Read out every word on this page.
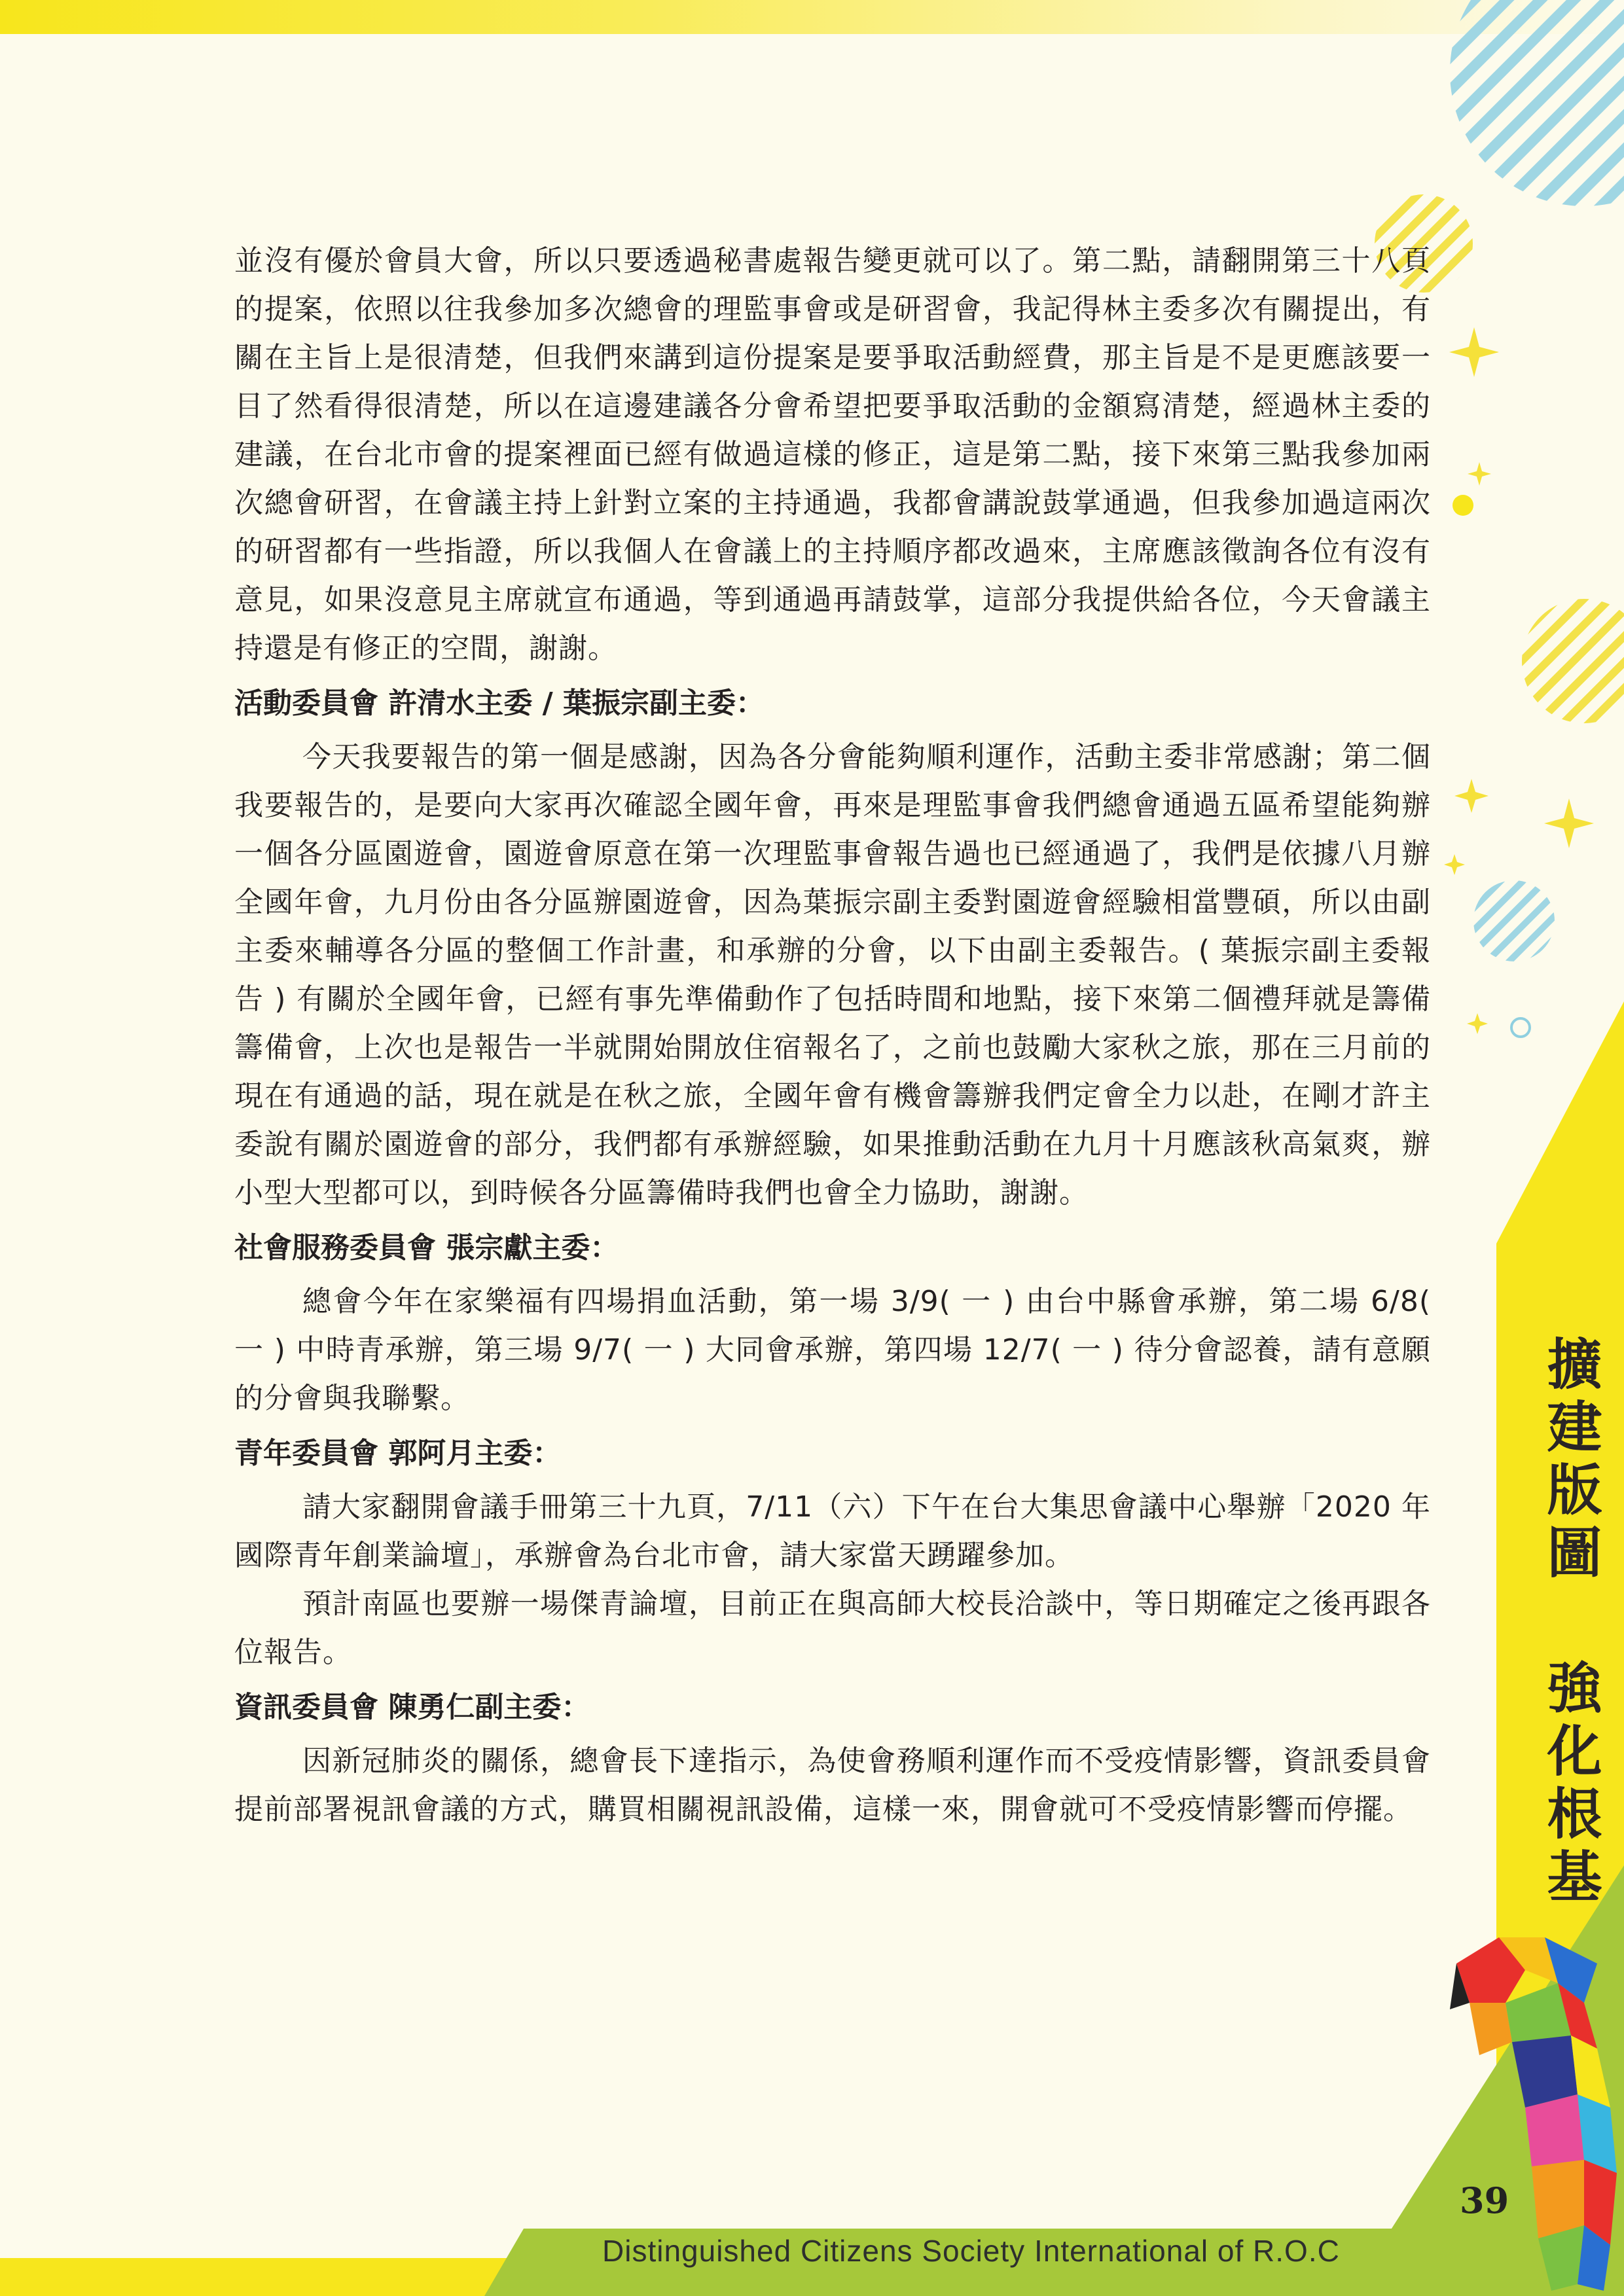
並沒有優於會員大會，所以只要透過秘書處報告變更就可以了。第二點，請翻開第三十八頁的提案，依照以往我參加多次總會的理監事會或是研習會，我記得林主委多次有關提出，有關在主旨上是很清楚，但我們來講到這份提案是要爭取活動經費，那主旨是不是更應該要一目了然看得很清楚，所以在這邊建議各分會希望把要爭取活動的金額寫清楚，經過林主委的建議，在台北市會的提案裡面已經有做過這樣的修正，這是第二點，接下來第三點我參加兩次總會研習，在會議主持上針對立案的主持通過，我都會講說鼓掌通過，但我參加過這兩次的研習都有一些指證，所以我個人在會議上的主持順序都改過來，主席應該徵詢各位有沒有意見，如果沒意見主席就宣布通過，等到通過再請鼓掌，這部分我提供給各位，今天會議主持還是有修正的空間，謝謝。

活動委員會 許清水主委 / 葉振宗副主委：

今天我要報告的第一個是感謝，因為各分會能夠順利運作，活動主委非常感謝；第二個我要報告的，是要向大家再次確認全國年會，再來是理監事會我們總會通過五區希望能夠辦一個各分區園遊會，園遊會原意在第一次理監事會報告過也已經通過了，我們是依據八月辦全國年會，九月份由各分區辦園遊會，因為葉振宗副主委對園遊會經驗相當豐碩，所以由副主委來輔導各分區的整個工作計畫，和承辦的分會，以下由副主委報告。( 葉振宗副主委報告 ) 有關於全國年會，已經有事先準備動作了包括時間和地點，接下來第二個禮拜就是籌備籌備會，上次也是報告一半就開始開放住宿報名了，之前也鼓勵大家秋之旅，那在三月前的現在有通過的話，現在就是在秋之旅，全國年會有機會籌辦我們定會全力以赴，在剛才許主委說有關於園遊會的部分，我們都有承辦經驗，如果推動活動在九月十月應該秋高氣爽，辦小型大型都可以，到時候各分區籌備時我們也會全力協助，謝謝。

社會服務委員會 張宗獻主委：

總會今年在家樂福有四場捐血活動，第一場 3/9( 一 ) 由台中縣會承辦，第二場 6/8( 一 ) 中時青承辦，第三場 9/7( 一 ) 大同會承辦，第四場 12/7( 一 ) 待分會認養，請有意願的分會與我聯繫。

青年委員會 郭阿月主委：

請大家翻開會議手冊第三十九頁，7/11（六）下午在台大集思會議中心舉辦「2020 年國際青年創業論壇」，承辦會為台北市會，請大家當天踴躍參加。

預計南區也要辦一場傑青論壇，目前正在與高師大校長洽談中，等日期確定之後再跟各位報告。

資訊委員會 陳勇仁副主委：

因新冠肺炎的關係，總會長下達指示，為使會務順利運作而不受疫情影響，資訊委員會提前部署視訊會議的方式，購買相關視訊設備，這樣一來，開會就可不受疫情影響而停擺。	擴建版圖 強化根基
39
Distinguished Citizens Society International of R.O.C
